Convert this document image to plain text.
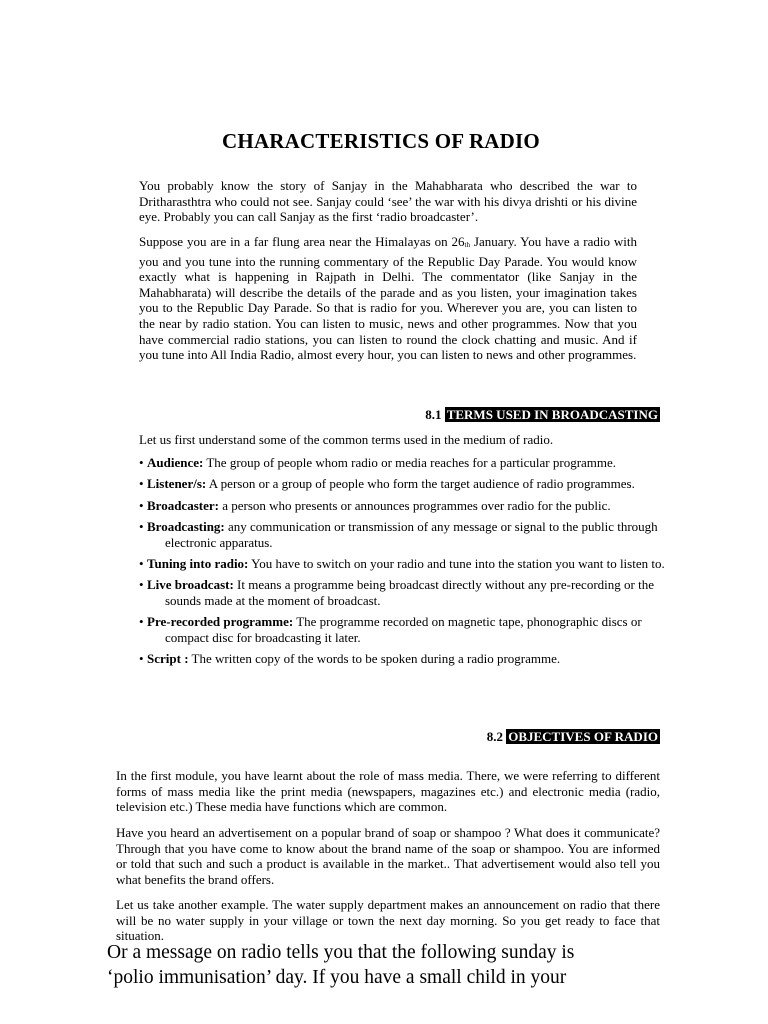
CHARACTERISTICS OF RADIO

You probably know the story of Sanjay in the Mahabharata who described the war to Dritharasthtra who could not see. Sanjay could ‘see’ the war with his divya drishti or his divine eye. Probably you can call Sanjay as the first ‘radio broadcaster’.

Suppose you are in a far flung area near the Himalayas on $26_{th}$ January. You have a radio with you and you tune into the running commentary of the Republic Day Parade. You would know exactly what is happening in Rajpath in Delhi. The commentator (like Sanjay in the Mahabharata) will describe the details of the parade and as you listen, your imagination takes you to the Republic Day Parade. So that is radio for you. Wherever you are, you can listen to the near by radio station. You can listen to music, news and other programmes. Now that you have commercial radio stations, you can listen to round the clock chatting and music. And if you tune into All India Radio, almost every hour, you can listen to news and other programmes.

8.1 TERMS USED IN BROADCASTING

Let us first understand some of the common terms used in the medium of radio.

• Audience: The group of people whom radio or media reaches for a particular programme.
• Listener/s: A person or a group of people who form the target audience of radio programmes.
• Broadcaster: a person who presents or announces programmes over radio for the public.
• Broadcasting: any communication or transmission of any message or signal to the public through electronic apparatus.
• Tuning into radio: You have to switch on your radio and tune into the station you want to listen to.
• Live broadcast: It means a programme being broadcast directly without any pre-recording or the sounds made at the moment of broadcast.
• Pre-recorded programme: The programme recorded on magnetic tape, phonographic discs or compact disc for broadcasting it later.
• Script : The written copy of the words to be spoken during a radio programme.
8.2 OBJECTIVES OF RADIO

In the first module, you have learnt about the role of mass media. There, we were referring to different forms of mass media like the print media (newspapers, magazines etc.) and electronic media (radio, television etc.) These media have functions which are common.

Have you heard an advertisement on a popular brand of soap or shampoo ? What does it communicate? Through that you have come to know about the brand name of the soap or shampoo. You are informed or told that such and such a product is available in the market.. That advertisement would also tell you what benefits the brand offers.

Let us take another example. The water supply department makes an announcement on radio that there will be no water supply in your village or town the next day morning. So you get ready to face that situation.

Or a message on radio tells you that the following sunday is
‘polio immunisation’ day. If you have a small child in your
